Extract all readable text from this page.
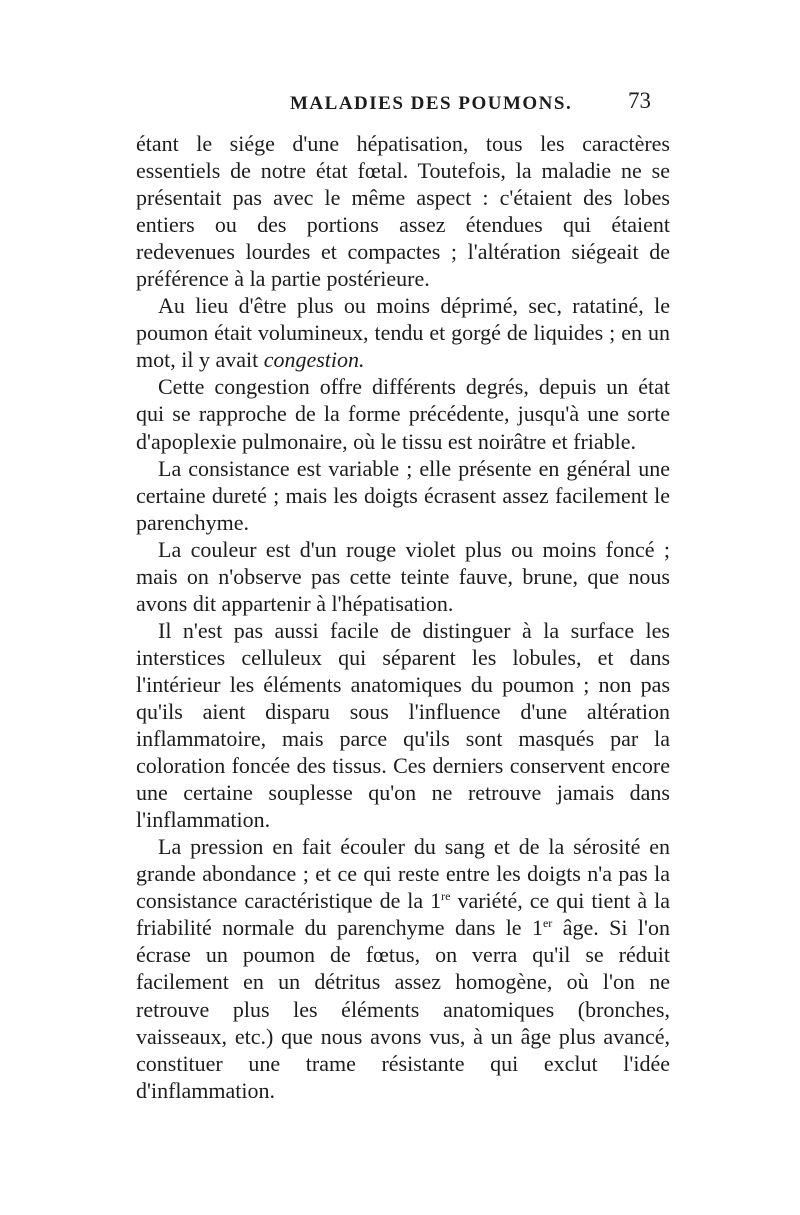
MALADIES DES POUMONS. 73

étant le siége d'une hépatisation, tous les caractères essentiels de notre état fœtal. Toutefois, la maladie ne se présentait pas avec le même aspect : c'étaient des lobes entiers ou des portions assez étendues qui étaient redevenues lourdes et compactes ; l'altération siégeait de préférence à la partie postérieure.

Au lieu d'être plus ou moins déprimé, sec, ratatiné, le poumon était volumineux, tendu et gorgé de liquides ; en un mot, il y avait congestion.

Cette congestion offre différents degrés, depuis un état qui se rapproche de la forme précédente, jusqu'à une sorte d'apoplexie pulmonaire, où le tissu est noirâtre et friable.

La consistance est variable ; elle présente en général une certaine dureté ; mais les doigts écrasent assez facilement le parenchyme.

La couleur est d'un rouge violet plus ou moins foncé ; mais on n'observe pas cette teinte fauve, brune, que nous avons dit appartenir à l'hépatisation.

Il n'est pas aussi facile de distinguer à la surface les interstices celluleux qui séparent les lobules, et dans l'intérieur les éléments anatomiques du poumon ; non pas qu'ils aient disparu sous l'influence d'une altération inflammatoire, mais parce qu'ils sont masqués par la coloration foncée des tissus. Ces derniers conservent encore une certaine souplesse qu'on ne retrouve jamais dans l'inflammation.

La pression en fait écouler du sang et de la sérosité en grande abondance ; et ce qui reste entre les doigts n'a pas la consistance caractéristique de la 1re variété, ce qui tient à la friabilité normale du parenchyme dans le 1er âge. Si l'on écrase un poumon de fœtus, on verra qu'il se réduit facilement en un détritus assez homogène, où l'on ne retrouve plus les éléments anatomiques (bronches, vaisseaux, etc.) que nous avons vus, à un âge plus avancé, constituer une trame résistante qui exclut l'idée d'inflammation.
